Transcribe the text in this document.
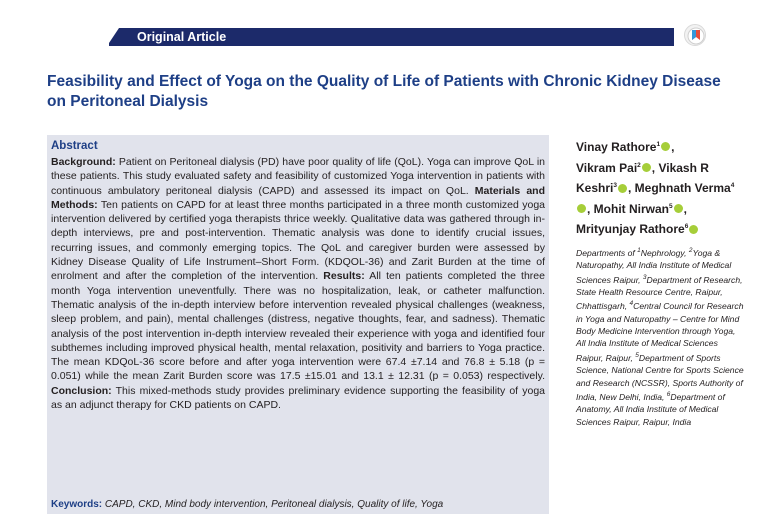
Original Article
Feasibility and Effect of Yoga on the Quality of Life of Patients with Chronic Kidney Disease on Peritoneal Dialysis
Abstract

Background: Patient on Peritoneal dialysis (PD) have poor quality of life (QoL). Yoga can improve QoL in these patients. This study evaluated safety and feasibility of customized Yoga intervention in patients with continuous ambulatory peritoneal dialysis (CAPD) and assessed its impact on QoL. Materials and Methods: Ten patients on CAPD for at least three months participated in a three month customized yoga intervention delivered by certified yoga therapists thrice weekly. Qualitative data was gathered through in-depth interviews, pre and post-intervention. Thematic analysis was done to identify crucial issues, recurring issues, and commonly emerging topics. The QoL and caregiver burden were assessed by Kidney Disease Quality of Life Instrument–Short Form. (KDQOL-36) and Zarit Burden at the time of enrolment and after the completion of the intervention. Results: All ten patients completed the three month Yoga intervention uneventfully. There was no hospitalization, leak, or catheter malfunction. Thematic analysis of the in-depth interview before intervention revealed physical challenges (weakness, sleep problem, and pain), mental challenges (distress, negative thoughts, fear, and sadness). Thematic analysis of the post intervention in-depth interview revealed their experience with yoga and identified four subthemes including improved physical health, mental relaxation, positivity and barriers to Yoga practice. The mean KDQoL-36 score before and after yoga intervention were 67.4 ±7.14 and 76.8 ± 5.18 (p = 0.051) while the mean Zarit Burden score was 17.5 ±15.01 and 13.1 ± 12.31 (p = 0.053) respectively. Conclusion: This mixed-methods study provides preliminary evidence supporting the feasibility of yoga as an adjunct therapy for CKD patients on CAPD.

Keywords: CAPD, CKD, Mind body intervention, Peritoneal dialysis, Quality of life, Yoga
Vinay Rathore$^1$ ,
Vikram Pai$^2$ , Vikash R Keshri$^3$ , Meghnath Verma$^4$, Mohit Nirwan$^5$ , Mrityunjay Rathore$^6$
Departments of $^1$Nephrology, $^2$Yoga & Naturopathy, All India Institute of Medical Sciences Raipur, $^3$Department of Research, State Health Resource Centre, Raipur, Chhattisgarh, $^4$Central Council for Research in Yoga and Naturopathy – Centre for Mind Body Medicine Intervention through Yoga, All India Institute of Medical Sciences Raipur, Raipur, $^5$Department of Sports Science, National Centre for Sports Science and Research (NCSSR), Sports Authority of India, New Delhi, India, $^6$Department of Anatomy, All India Institute of Medical Sciences Raipur, Raipur, India
